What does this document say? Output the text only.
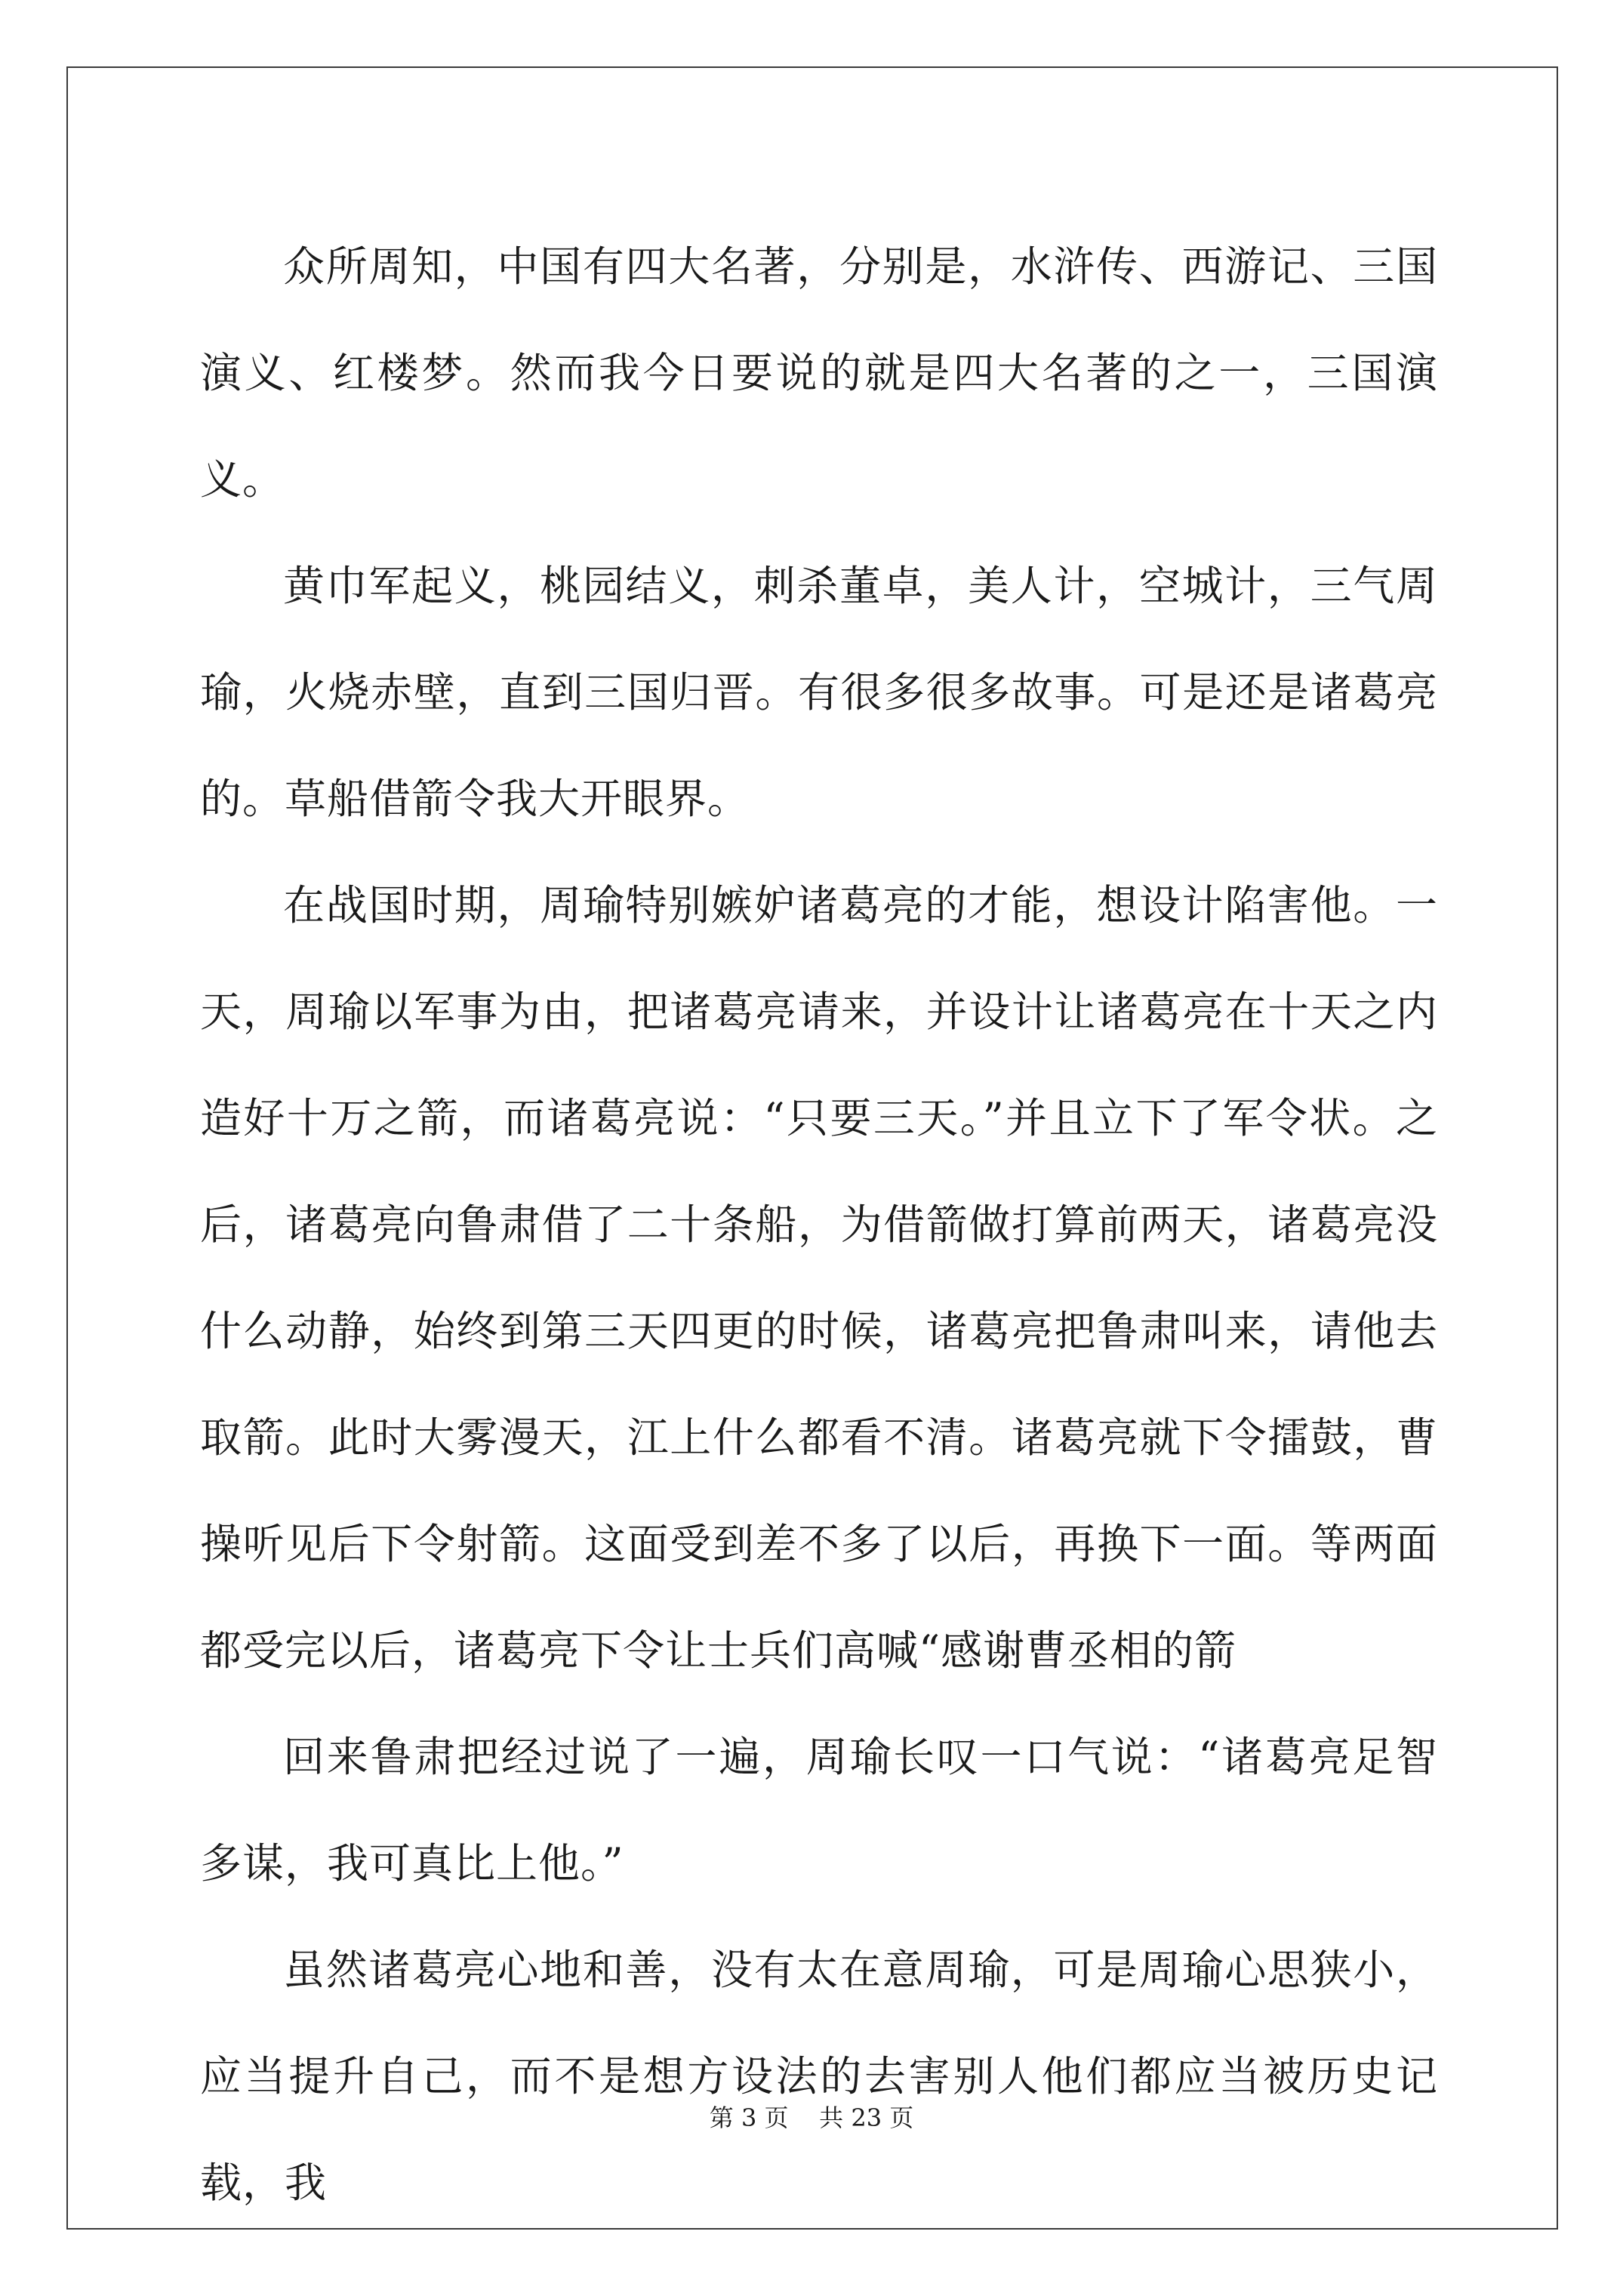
众所周知，中国有四大名著，分别是，水浒传、西游记、三国演义、红楼梦。然而我今日要说的就是四大名著的之一，三国演义。

黄巾军起义，桃园结义，刺杀董卓，美人计，空城计，三气周瑜，火烧赤壁，直到三国归晋。有很多很多故事。可是还是诸葛亮的。草船借箭令我大开眼界。

在战国时期，周瑜特别嫉妒诸葛亮的才能，想设计陷害他。一天，周瑜以军事为由，把诸葛亮请来，并设计让诸葛亮在十天之内造好十万之箭，而诸葛亮说：“只要三天。”并且立下了军令状。之后，诸葛亮向鲁肃借了二十条船，为借箭做打算前两天，诸葛亮没什么动静，始终到第三天四更的时候，诸葛亮把鲁肃叫来，请他去取箭。此时大雾漫天，江上什么都看不清。诸葛亮就下令擂鼓，曹操听见后下令射箭。这面受到差不多了以后，再换下一面。等两面都受完以后，诸葛亮下令让士兵们高喊“感谢曹丞相的箭

回来鲁肃把经过说了一遍，周瑜长叹一口气说：“诸葛亮足智多谋，我可真比上他。”

虽然诸葛亮心地和善，没有太在意周瑜，可是周瑜心思狭小，应当提升自己，而不是想方设法的去害别人他们都应当被历史记载，我

第 3 页    共 23 页
